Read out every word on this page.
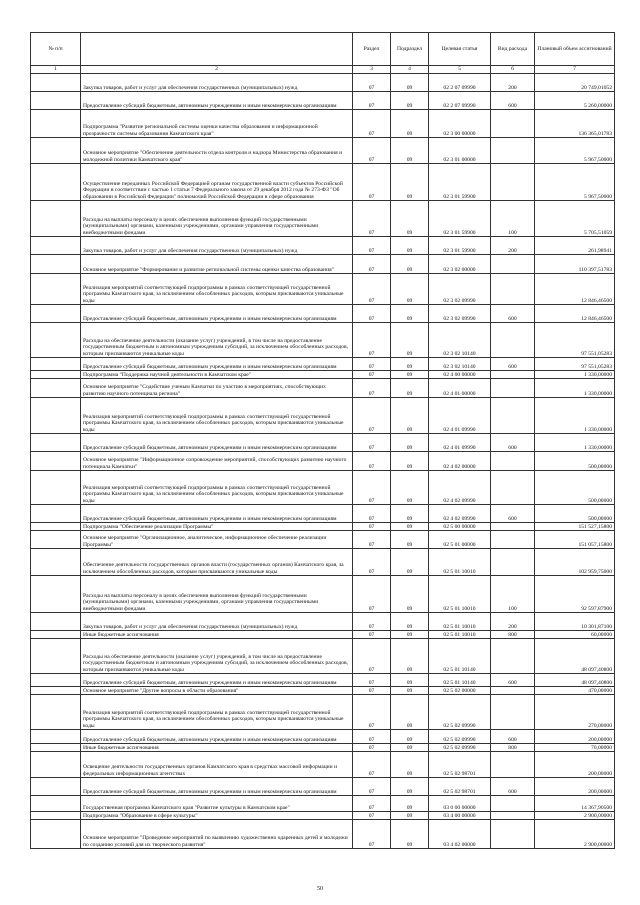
№ п/п		Раздел	Подраздел	Целевая статья	Вид расхода	Плановый объем ассигнований
1	2	3	4	5	6	7
	Закупка товаров, работ и услуг для обеспечения государственных (муниципальных) нужд	07	09	02 2 07 09990	200	20 749,01052
	Предоставление субсидий бюджетным, автономным учреждениям и иным некоммерческим организациям	07	09	02 2 07 09990	600	5 260,00000
	Подпрограмма "Развитие региональной системы оценки качества образования и информационной прозрачности системы образования Камчатского края"	07	09	02 3 00 00000		136 365,01783
	Основное мероприятие "Обеспечение деятельности отдела контроля и надзора Министерства образования и молодежной политики Камчатского края"	07	09	02 3 01 00000		5 967,50000
	Осуществление переданных Российской Федерацией органам государственной власти субъектов Российской Федерации в соответствии с частью 1 статьи 7 Федерального закона от 29 декабря 2012 года № 273-ФЗ "Об образовании в Российской Федерации" полномочий Российской Федерации в сфере образования	07	09	02 3 01 59900		5 967,50000
	Расходы на выплаты персоналу в целях обеспечения выполнения функций государственными (муниципальными) органами, казенными учреждениями, органами управления государственными внебюджетными фондами	07	09	02 3 01 59900	100	5 705,51059
	Закупка товаров, работ и услуг для обеспечения государственных (муниципальных) нужд	07	09	02 3 01 59900	200	261,98941
	Основное мероприятие "Формирование и развитие региональной системы оценки качества образования"	07	09	02 3 02 00000		110 397,51783
	Реализация мероприятий соответствующей подпрограммы в рамках соответствующей государственной программы Камчатского края, за исключением обособленных расходов, которым присваиваются уникальные коды	07	09	02 3 02 09990		12 846,46500
	Предоставление субсидий бюджетным, автономным учреждениям и иным некоммерческим организациям	07	09	02 3 02 09990	600	12 846,46500
	Расходы на обеспечение деятельности (оказание услуг) учреждений, в том числе на предоставление государственным бюджетным и автономным учреждениям субсидий, за исключением обособленных расходов, которым присваиваются уникальные коды	07	09	02 3 02 10140		97 551,05283
	Предоставление субсидий бюджетным, автономным учреждениям и иным некоммерческим организациям	07	09	02 3 02 10140	600	97 551,05283
	Подпрограмма "Поддержка научной деятельности в Камчатском крае"	07	09	02 4 00 00000		1 330,00000
	Основное мероприятие "Содействие ученым Камчатки по участию в мероприятиях, способствующих развитию научного потенциала региона"	07	09	02 4 01 00000		1 330,00000
	Реализация мероприятий соответствующей подпрограммы в рамках соответствующей государственной программы Камчатского края, за исключением обособленных расходов, которым присваиваются уникальные коды	07	09	02 4 01 09990		1 330,00000
	Предоставление субсидий бюджетным, автономным учреждениям и иным некоммерческим организациям	07	09	02 4 01 09990	600	1 330,00000
	Основное мероприятие "Информационное сопровождение мероприятий, способствующих развитию научного потенциала Камчатки"	07	09	02 4 02 00000		500,00000
	Реализация мероприятий соответствующей подпрограммы в рамках соответствующей государственной программы Камчатского края, за исключением обособленных расходов, которым присваиваются уникальные коды	07	09	02 4 02 09990		500,00000
	Предоставление субсидий бюджетным, автономным учреждениям и иным некоммерческим организациям	07	09	02 4 02 09990	600	500,00000
	Подпрограмма "Обеспечение реализации Программы"	07	09	02 5 00 00000		151 527,15800
	Основное мероприятие "Организационное, аналитическое, информационное обеспечение реализации Программы"	07	09	02 5 01 00000		151 057,15800
	Обеспечение деятельности государственных органов власти (государственных органов) Камчатского края, за исключением обособленных расходов, которым присваиваются уникальные коды	07	09	02 5 01 10010		102 959,75000
	Расходы на выплаты персоналу в целях обеспечения выполнения функций государственными (муниципальными) органами, казенными учреждениями, органами управления государственными внебюджетными фондами	07	09	02 5 01 10010	100	92 597,87900
	Закупка товаров, работ и услуг для обеспечения государственных (муниципальных) нужд	07	09	02 5 01 10010	200	10 301,87100
	Иные бюджетные ассигнования	07	09	02 5 01 10010	800	60,00000
	Расходы на обеспечение деятельности (оказание услуг) учреждений, в том числе на предоставление государственным бюджетным и автономным учреждениям субсидий, за исключением обособленных расходов, которым присваиваются уникальные коды	07	09	02 5 01 10140		48 097,40800
	Предоставление субсидий бюджетным, автономным учреждениям и иным некоммерческим организациям	07	09	02 5 01 10140	600	48 097,40800
	Основное мероприятие "Другие вопросы в области образования"	07	09	02 5 02 00000		470,00000
	Реализация мероприятий соответствующей подпрограммы в рамках соответствующей государственной программы Камчатского края, за исключением обособленных расходов, которым присваиваются уникальные коды	07	09	02 5 02 09990		270,00000
	Предоставление субсидий бюджетным, автономным учреждениям и иным некоммерческим организациям	07	09	02 5 02 09990	600	200,00000
	Иные бюджетные ассигнования	07	09	02 5 02 09990	800	70,00000
	Освещение деятельности государственных органов Камчатского края в средствах массовой информации и федеральных информационных агентствах	07	09	02 5 02 98701		200,00000
	Предоставление субсидий бюджетным, автономным учреждениям и иным некоммерческим организациям	07	09	02 5 02 98701	600	200,00000
	Государственная программа Камчатского края "Развитие культуры в Камчатском крае"	07	09	03 0 00 00000		14 367,90500
	Подпрограмма "Образование в сфере культуры"	07	09	03 4 00 00000		2 900,00000
	Основное мероприятие "Проведение мероприятий по выявлению художественно одаренных детей и молодежи по созданию условий для их творческого развития"	07	09	03 4 02 00000		2 900,00000
50
